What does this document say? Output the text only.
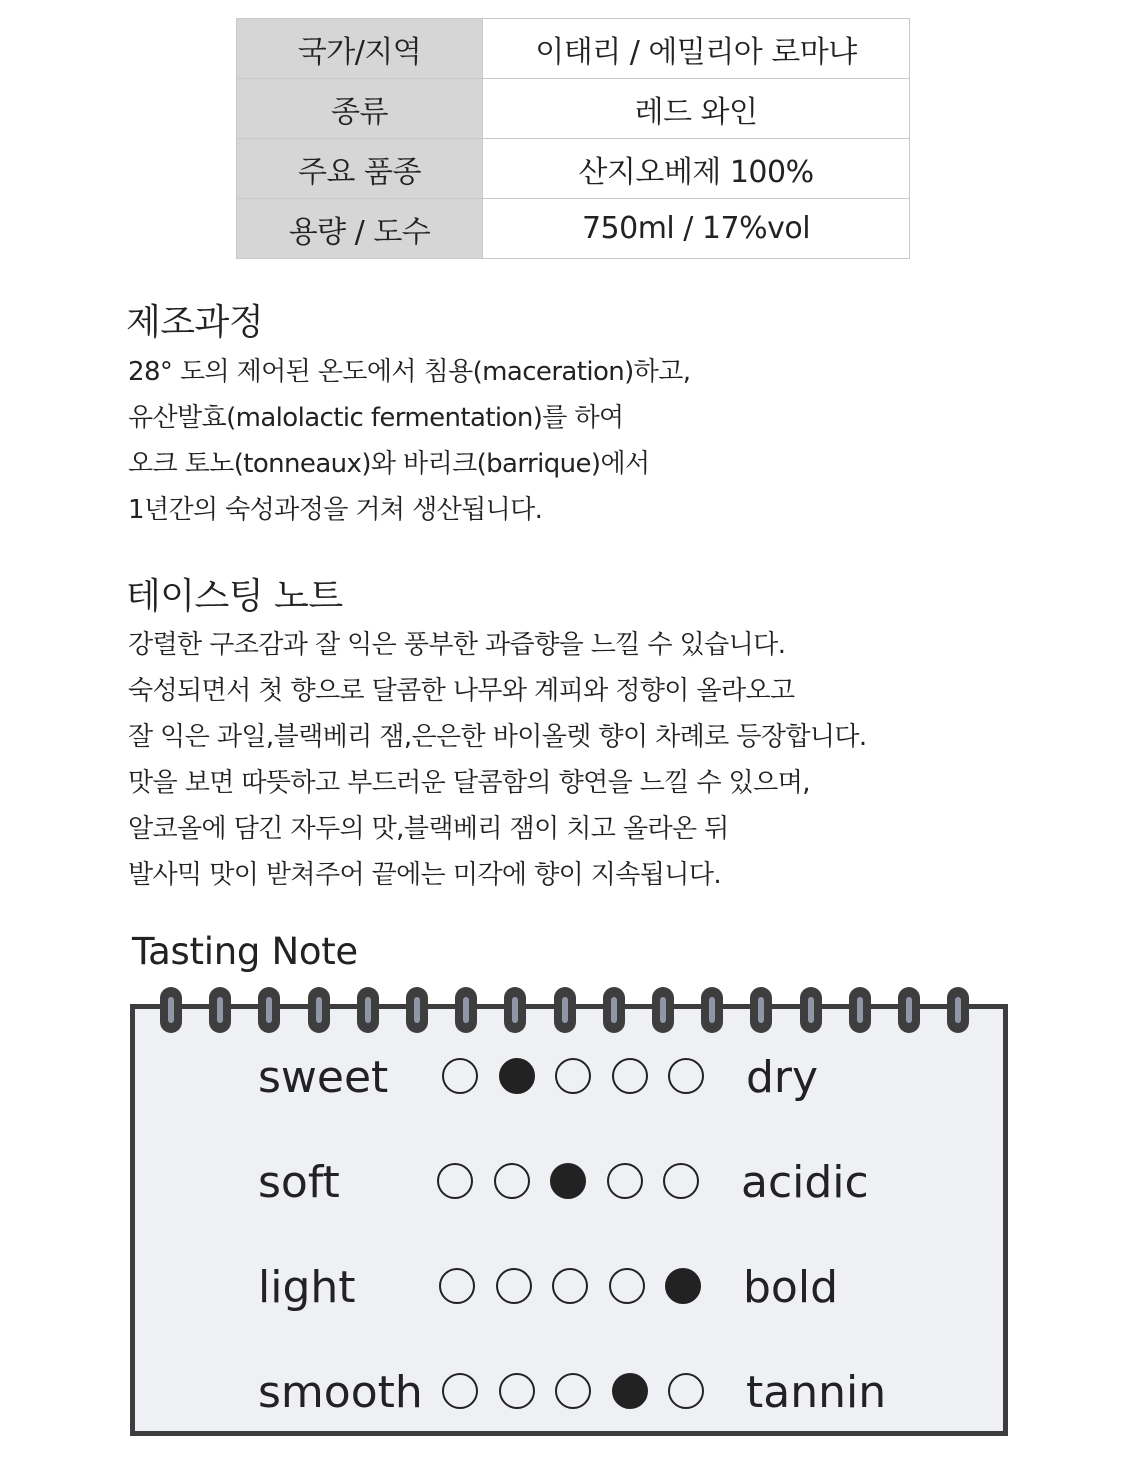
국가/지역	이태리 / 에밀리아 로마냐
종류	레드 와인
주요 품종	산지오베제 100%
용량 / 도수	750ml / 17%vol
제조과정
28° 도의 제어된 온도에서 침용(maceration)하고,
유산발효(malolactic fermentation)를 하여
오크 토노(tonneaux)와 바리크(barrique)에서
1년간의 숙성과정을 거쳐 생산됩니다.
테이스팅 노트
강렬한 구조감과 잘 익은 풍부한 과즙향을 느낄 수 있습니다.
숙성되면서 첫 향으로 달콤한 나무와 계피와 정향이 올라오고
잘 익은 과일,블랙베리 잼,은은한 바이올렛 향이 차례로 등장합니다.
맛을 보면 따뜻하고 부드러운 달콤함의 향연을 느낄 수 있으며,
알코올에 담긴 자두의 맛,블랙베리 잼이 치고 올라온 뒤
발사믹 맛이 받쳐주어 끝에는 미각에 향이 지속됩니다.
Tasting Note
sweet	dry
soft	acidic
light	bold
smooth	tannin
